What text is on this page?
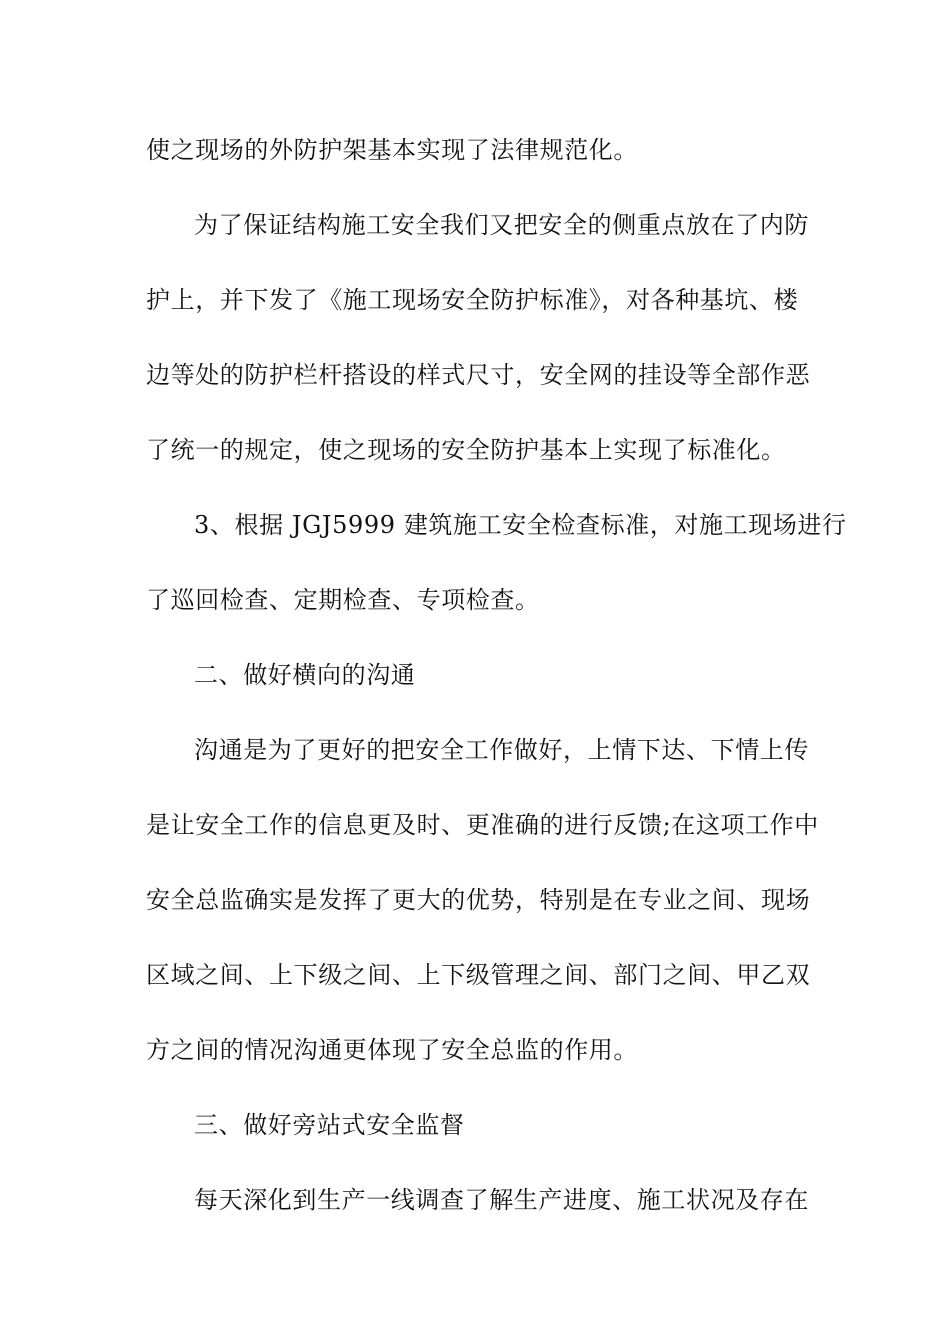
使之现场的外防护架基本实现了法律规范化。
为了保证结构施工安全我们又把安全的侧重点放在了内防
护上，并下发了《施工现场安全防护标准》，对各种基坑、楼
边等处的防护栏杆搭设的样式尺寸，安全网的挂设等全部作恶
了统一的规定，使之现场的安全防护基本上实现了标准化。
3、根据 JGJ5999 建筑施工安全检查标准，对施工现场进行
了巡回检查、定期检查、专项检查。
二、做好横向的沟通
沟通是为了更好的把安全工作做好，上情下达、下情上传
是让安全工作的信息更及时、更准确的进行反馈;在这项工作中
安全总监确实是发挥了更大的优势，特别是在专业之间、现场
区域之间、上下级之间、上下级管理之间、部门之间、甲乙双
方之间的情况沟通更体现了安全总监的作用。
三、做好旁站式安全监督
每天深化到生产一线调查了解生产进度、施工状况及存在
